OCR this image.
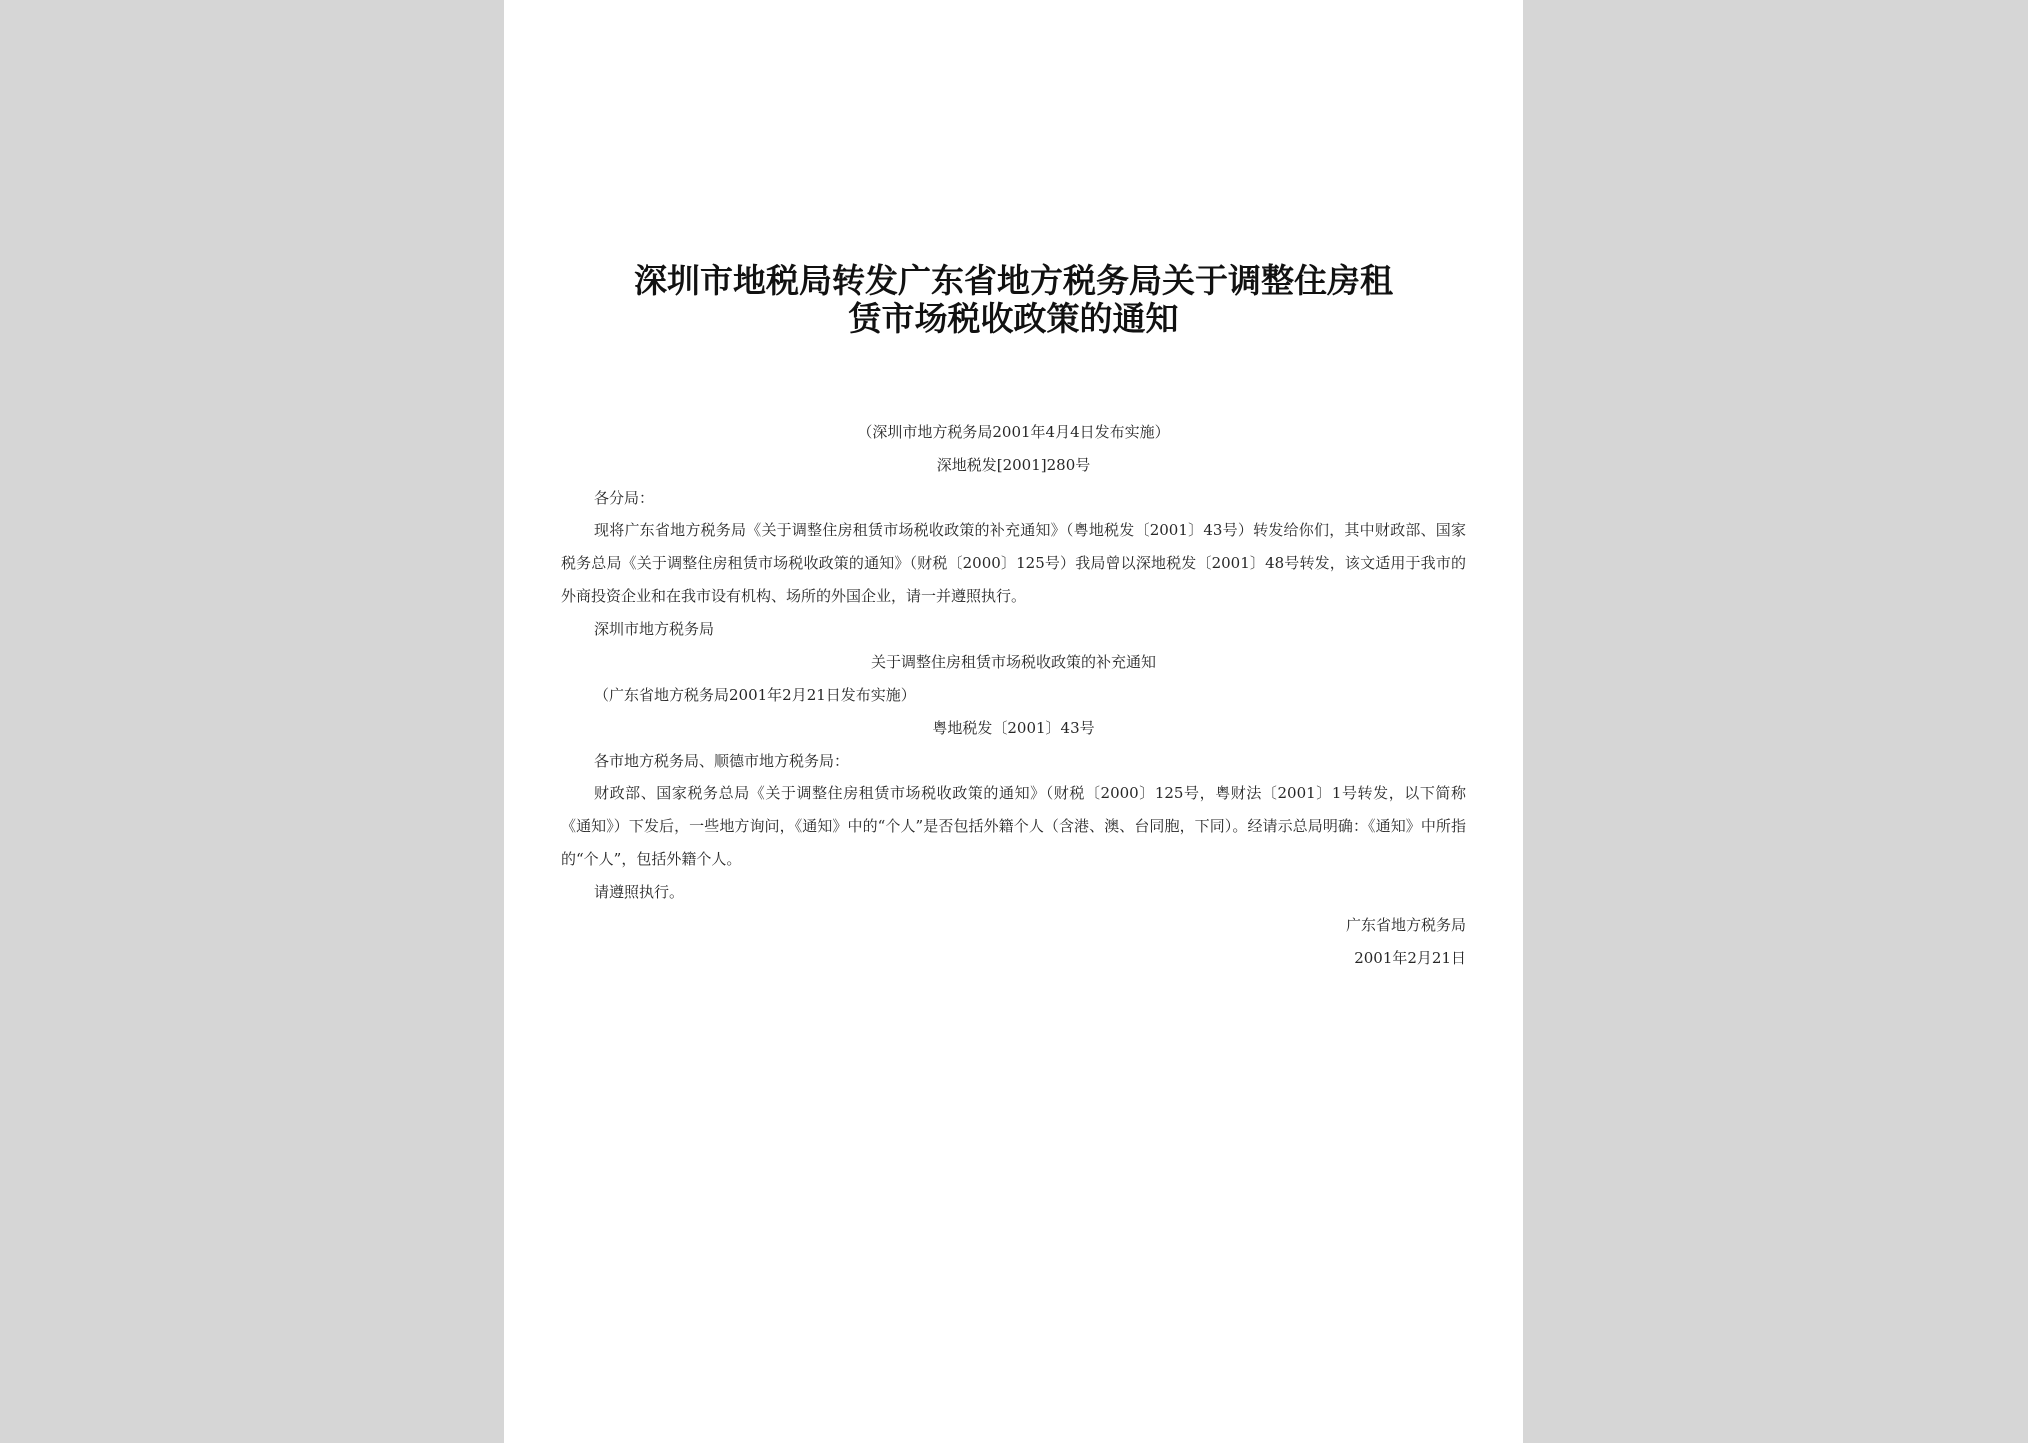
深圳市地税局转发广东省地方税务局关于调整住房租
赁市场税收政策的通知
（深圳市地方税务局2001年4月4日发布实施）
深地税发[2001]280号
各分局：
现将广东省地方税务局《关于调整住房租赁市场税收政策的补充通知》（粤地税发〔2001〕43号）转发给你们，其中财政部、国家税务总局《关于调整住房租赁市场税收政策的通知》（财税〔2000〕125号）我局曾以深地税发〔2001〕48号转发，该文适用于我市的外商投资企业和在我市设有机构、场所的外国企业，请一并遵照执行。
深圳市地方税务局
关于调整住房租赁市场税收政策的补充通知
（广东省地方税务局2001年2月21日发布实施）
粤地税发〔2001〕43号
各市地方税务局、顺德市地方税务局：
财政部、国家税务总局《关于调整住房租赁市场税收政策的通知》（财税〔2000〕125号，粤财法〔2001〕1号转发，以下简称《通知》）下发后，一些地方询问，《通知》中的“个人”是否包括外籍个人（含港、澳、台同胞，下同）。经请示总局明确：《通知》中所指的“个人”，包括外籍个人。
请遵照执行。
广东省地方税务局
2001年2月21日
